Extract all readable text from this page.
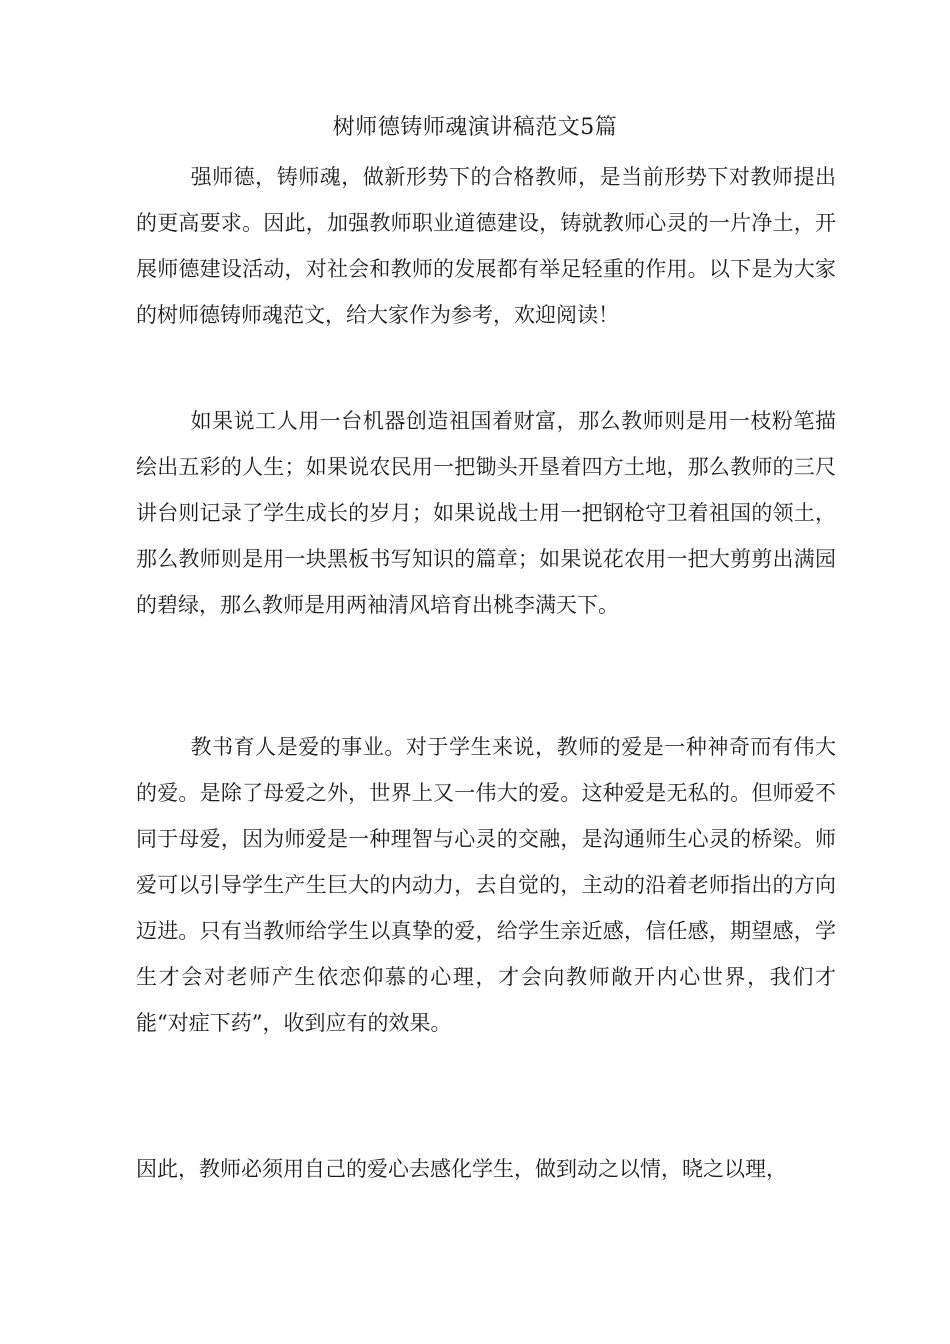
树师德铸师魂演讲稿范文5篇

强师德，铸师魂，做新形势下的合格教师，是当前形势下对教师提出的更高要求。因此，加强教师职业道德建设，铸就教师心灵的一片净土，开展师德建设活动，对社会和教师的发展都有举足轻重的作用。以下是为大家的树师德铸师魂范文，给大家作为参考，欢迎阅读！

如果说工人用一台机器创造祖国着财富，那么教师则是用一枝粉笔描绘出五彩的人生；如果说农民用一把锄头开垦着四方土地，那么教师的三尺讲台则记录了学生成长的岁月；如果说战士用一把钢枪守卫着祖国的领土，那么教师则是用一块黑板书写知识的篇章；如果说花农用一把大剪剪出满园的碧绿，那么教师是用两袖清风培育出桃李满天下。

教书育人是爱的事业。对于学生来说，教师的爱是一种神奇而有伟大的爱。是除了母爱之外，世界上又一伟大的爱。这种爱是无私的。但师爱不同于母爱，因为师爱是一种理智与心灵的交融，是沟通师生心灵的桥梁。师爱可以引导学生产生巨大的内动力，去自觉的，主动的沿着老师指出的方向迈进。只有当教师给学生以真挚的爱，给学生亲近感，信任感，期望感，学生才会对老师产生依恋仰慕的心理，才会向教师敞开内心世界，我们才能“对症下药”，收到应有的效果。

因此，教师必须用自己的爱心去感化学生，做到动之以情，晓之以理，
